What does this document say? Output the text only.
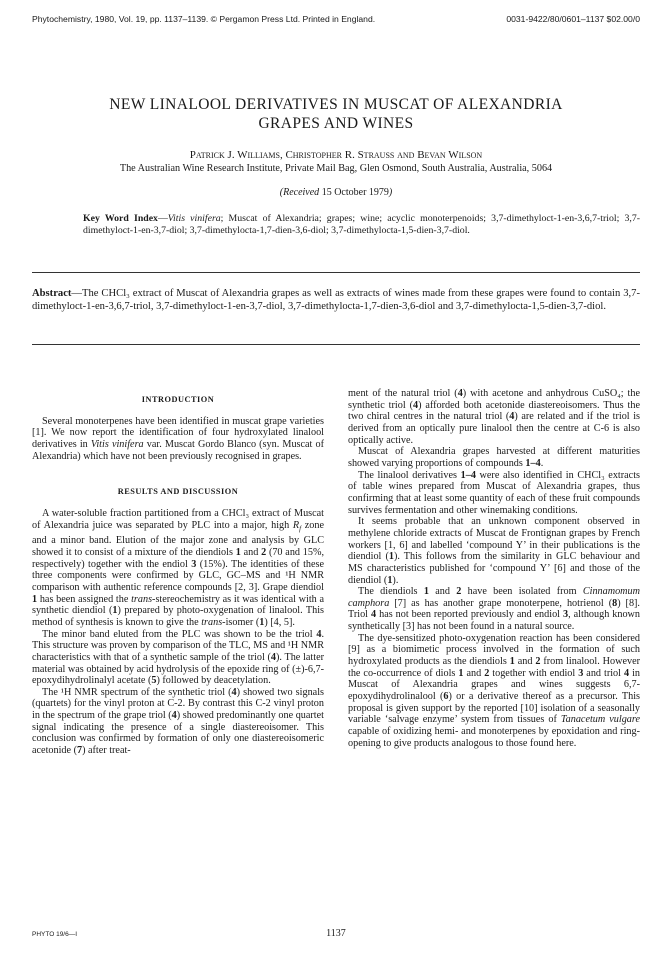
Phytochemistry, 1980, Vol. 19, pp. 1137–1139. © Pergamon Press Ltd. Printed in England.	0031-9422/80/0601–1137 $02.00/0
NEW LINALOOL DERIVATIVES IN MUSCAT OF ALEXANDRIA
GRAPES AND WINES
Patrick J. Williams, Christopher R. Strauss and Bevan Wilson
The Australian Wine Research Institute, Private Mail Bag, Glen Osmond, South Australia, Australia, 5064
(Received 15 October 1979)
Key Word Index—Vitis vinifera; Muscat of Alexandria; grapes; wine; acyclic monoterpenoids; 3,7-dimethyloct-1-en-3,6,7-triol; 3,7-dimethyloct-1-en-3,7-diol; 3,7-dimethylocta-1,7-dien-3,6-diol; 3,7-dimethylocta-1,5-dien-3,7-diol.
Abstract—The CHCl₃ extract of Muscat of Alexandria grapes as well as extracts of wines made from these grapes were found to contain 3,7-dimethyloct-1-en-3,6,7-triol, 3,7-dimethyloct-1-en-3,7-diol, 3,7-dimethylocta-1,7-dien-3,6-diol and 3,7-dimethylocta-1,5-dien-3,7-diol.
INTRODUCTION

Several monoterpenes have been identified in muscat grape varieties [1]. We now report the identification of four hydroxylated linalool derivatives in Vitis vinifera var. Muscat Gordo Blanco (syn. Muscat of Alexandria) which have not been previously recognised in grapes.

RESULTS AND DISCUSSION

A water-soluble fraction partitioned from a CHCl₃ extract of Muscat of Alexandria juice was separated by PLC into a major, high $R_f$ zone and a minor band. Elution of the major zone and analysis by GLC showed it to consist of a mixture of the diendiols 1 and 2 (70 and 15%, respectively) together with the endiol 3 (15%). The identities of these three components were confirmed by GLC, GC–MS and ¹H NMR comparison with authentic reference compounds [2, 3]. Grape diendiol 1 has been assigned the trans-stereochemistry as it was identical with a synthetic diendiol (1) prepared by photo-oxygenation of linalool. This method of synthesis is known to give the trans-isomer (1) [4, 5].

The minor band eluted from the PLC was shown to be the triol 4. This structure was proven by comparison of the TLC, MS and ¹H NMR characteristics with that of a synthetic sample of the triol (4). The latter material was obtained by acid hydrolysis of the epoxide ring of (±)-6,7-epoxydihydrolinalyl acetate (5) followed by deacetylation.

The ¹H NMR spectrum of the synthetic triol (4) showed two signals (quartets) for the vinyl proton at C-2. By contrast this C-2 vinyl proton in the spectrum of the grape triol (4) showed predominantly one quartet signal indicating the presence of a single diastereoisomer. This conclusion was confirmed by formation of only one diastereoisomeric acetonide (7) after treat-

ment of the natural triol (4) with acetone and anhydrous CuSO₄; the synthetic triol (4) afforded both acetonide diastereoisomers. Thus the two chiral centres in the natural triol (4) are related and if the triol is derived from an optically pure linalool then the centre at C-6 is also optically active.

Muscat of Alexandria grapes harvested at different maturities showed varying proportions of compounds 1–4.

The linalool derivatives 1–4 were also identified in CHCl₃ extracts of table wines prepared from Muscat of Alexandria grapes, thus confirming that at least some quantity of each of these fruit compounds survives fermentation and other winemaking conditions.

It seems probable that an unknown component observed in methylene chloride extracts of Muscat de Frontignan grapes by French workers [1, 6] and labelled ‘compound Y’ in their publications is the diendiol (1). This follows from the similarity in GLC behaviour and MS characteristics published for ‘compound Y’ [6] and those of the diendiol (1).

The diendiols 1 and 2 have been isolated from Cinnamomum camphora [7] as has another grape monoterpene, hotrienol (8) [8]. Triol 4 has not been reported previously and endiol 3, although known synthetically [3] has not been found in a natural source.

The dye-sensitized photo-oxygenation reaction has been considered [9] as a biomimetic process involved in the formation of such hydroxylated products as the diendiols 1 and 2 from linalool. However the co-occurrence of diols 1 and 2 together with endiol 3 and triol 4 in Muscat of Alexandria grapes and wines suggests 6,7-epoxydihydrolinalool (6) or a derivative thereof as a precursor. This proposal is given support by the reported [10] isolation of a seasonally variable ‘salvage enzyme’ system from tissues of Tanacetum vulgare capable of oxidizing hemi- and monoterpenes by epoxidation and ring-opening to give products analogous to those found here.

PHYTO 19/6—I	1137
